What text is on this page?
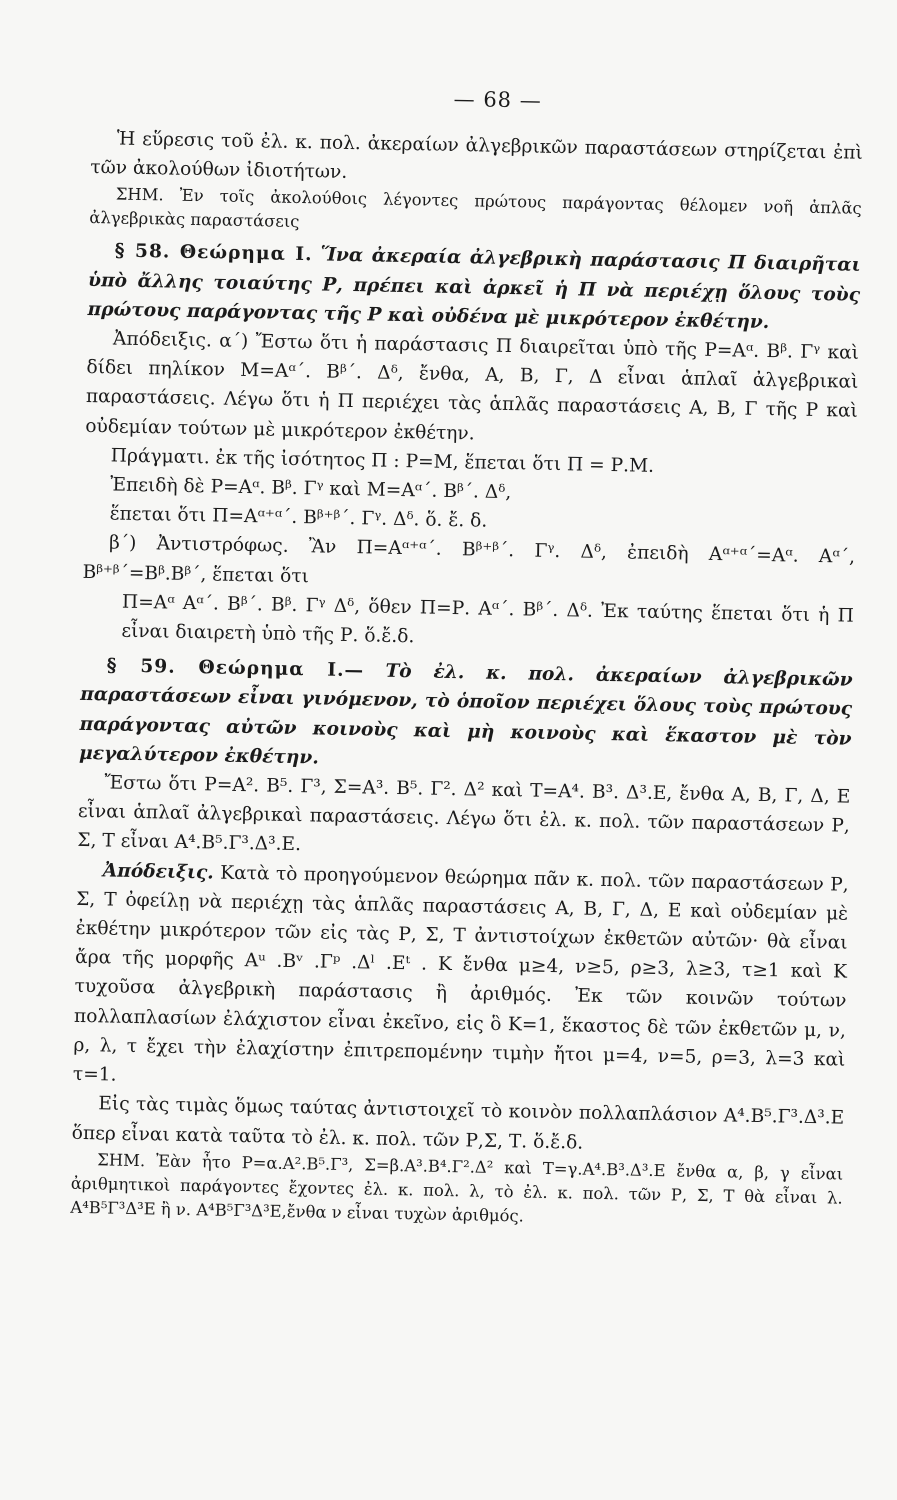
— 68 —

Ἡ εὕρεσις τοῦ ἐλ. κ. πολ. ἀκεραίων ἀλγεβρικῶν παραστάσεων στηρίζεται ἐπὶ τῶν ἀκολούθων ἰδιοτήτων.

ΣΗΜ. Ἐν τοῖς ἀκολούθοις λέγοντες πρώτους παράγοντας θέλομεν νοῆ ἁπλᾶς ἀλγεβρικὰς παραστάσεις

§ 58. Θεώρημα I. Ἵνα ἀκεραία ἀλγεβρικὴ παράστασις Π διαιρῆται ὑπὸ ἄλλης τοιαύτης Ρ, πρέπει καὶ ἀρκεῖ ἡ Π νὰ περιέχῃ ὅλους τοὺς πρώτους παράγοντας τῆς Ρ καὶ οὐδένα μὲ μικρότερον ἐκθέτην.

Ἀπόδειξις. α΄) Ἔστω ὅτι ἡ παράστασις Π διαιρεῖται ὑπὸ τῆς Ρ=Αᵅ. Βᵝ. Γᵞ καὶ δίδει πηλίκον Μ=Αᵅ΄. Βᵝ΄. Δᵟ, ἔνθα, Α, Β, Γ, Δ εἶναι ἁπλαῖ ἀλγεβρικαὶ παραστάσεις. Λέγω ὅτι ἡ Π περιέχει τὰς ἁπλᾶς παραστάσεις Α, Β, Γ τῆς Ρ καὶ οὐδεμίαν τούτων μὲ μικρότερον ἐκθέτην.

Πράγματι. ἐκ τῆς ἰσότητος Π : Ρ=Μ, ἕπεται ὅτι Π = Ρ.Μ.

Ἐπειδὴ δὲ Ρ=Αᵅ. Βᵝ. Γᵞ καὶ Μ=Αᵅ΄. Βᵝ΄. Δᵟ,

ἕπεται ὅτι Π=Αᵅ⁺ᵅ΄. Βᵝ⁺ᵝ΄. Γᵞ. Δᵟ. ὅ. ἔ. δ.

β΄) Ἀντιστρόφως. Ἂν Π=Αᵅ⁺ᵅ΄. Βᵝ⁺ᵝ΄. Γᵞ. Δᵟ, ἐπειδὴ Αᵅ⁺ᵅ΄=Αᵅ. Αᵅ΄, Βᵝ⁺ᵝ΄=Βᵝ.Βᵝ΄, ἕπεται ὅτι

Π=Αᵅ Αᵅ΄. Βᵝ΄. Βᵝ. Γᵞ Δᵟ, ὅθεν Π=Ρ. Αᵅ΄. Βᵝ΄. Δᵟ. Ἐκ ταύτης ἕπεται ὅτι ἡ Π εἶναι διαιρετὴ ὑπὸ τῆς Ρ. ὅ.ἔ.δ.

§ 59. Θεώρημα I.— Τὸ ἐλ. κ. πολ. ἀκεραίων ἀλγεβρικῶν παραστάσεων εἶναι γινόμενον, τὸ ὁποῖον περιέχει ὅλους τοὺς πρώτους παράγοντας αὐτῶν κοινοὺς καὶ μὴ κοινοὺς καὶ ἕκαστον μὲ τὸν μεγαλύτερον ἐκθέτην.

Ἔστω ὅτι Ρ=Α². Β⁵. Γ³, Σ=Α³. Β⁵. Γ². Δ² καὶ Τ=Α⁴. Β³. Δ³.Ε, ἔνθα Α, Β, Γ, Δ, Ε εἶναι ἁπλαῖ ἀλγεβρικαὶ παραστάσεις. Λέγω ὅτι ἐλ. κ. πολ. τῶν παραστάσεων Ρ, Σ, Τ εἶναι Α⁴.Β⁵.Γ³.Δ³.Ε.

Ἀπόδειξις. Κατὰ τὸ προηγούμενον θεώρημα πᾶν κ. πολ. τῶν παραστάσεων Ρ, Σ, Τ ὀφείλῃ νὰ περιέχῃ τὰς ἁπλᾶς παραστάσεις Α, Β, Γ, Δ, Ε καὶ οὐδεμίαν μὲ ἐκθέτην μικρότερον τῶν εἰς τὰς Ρ, Σ, Τ ἀντιστοίχων ἐκθετῶν αὐτῶν· θὰ εἶναι ἄρα τῆς μορφῆς Αᵘ .Βᵛ .Γᵖ .Δˡ .Εᵗ . Κ ἔνθα μ≥4, ν≥5, ρ≥3, λ≥3, τ≥1 καὶ Κ τυχοῦσα ἀλγεβρικὴ παράστασις ἢ ἀριθμός. Ἐκ τῶν κοινῶν τούτων πολλαπλασίων ἐλάχιστον εἶναι ἐκεῖνο, εἰς ὃ Κ=1, ἕκαστος δὲ τῶν ἐκθετῶν μ, ν, ρ, λ, τ ἔχει τὴν ἐλαχίστην ἐπιτρεπομένην τιμὴν ἤτοι μ=4, ν=5, ρ=3, λ=3 καὶ τ=1.

Εἰς τὰς τιμὰς ὅμως ταύτας ἀντιστοιχεῖ τὸ κοινὸν πολλαπλάσιον Α⁴.Β⁵.Γ³.Δ³.Ε ὅπερ εἶναι κατὰ ταῦτα τὸ ἐλ. κ. πολ. τῶν Ρ,Σ, Τ. ὅ.ἔ.δ.

ΣΗΜ. Ἐὰν ἦτο Ρ=α.Α².Β⁵.Γ³, Σ=β.Α³.Β⁴.Γ².Δ² καὶ Τ=γ.Α⁴.Β³.Δ³.Ε ἔνθα α, β, γ εἶναι ἀριθμητικοὶ παράγοντες ἔχοντες ἐλ. κ. πολ. λ, τὸ ἐλ. κ. πολ. τῶν Ρ, Σ, Τ θὰ εἶναι λ. Α⁴Β⁵Γ³Δ³Ε ἢ ν. Α⁴Β⁵Γ³Δ³Ε,ἔνθα ν εἶναι τυχὼν ἀριθμός.
